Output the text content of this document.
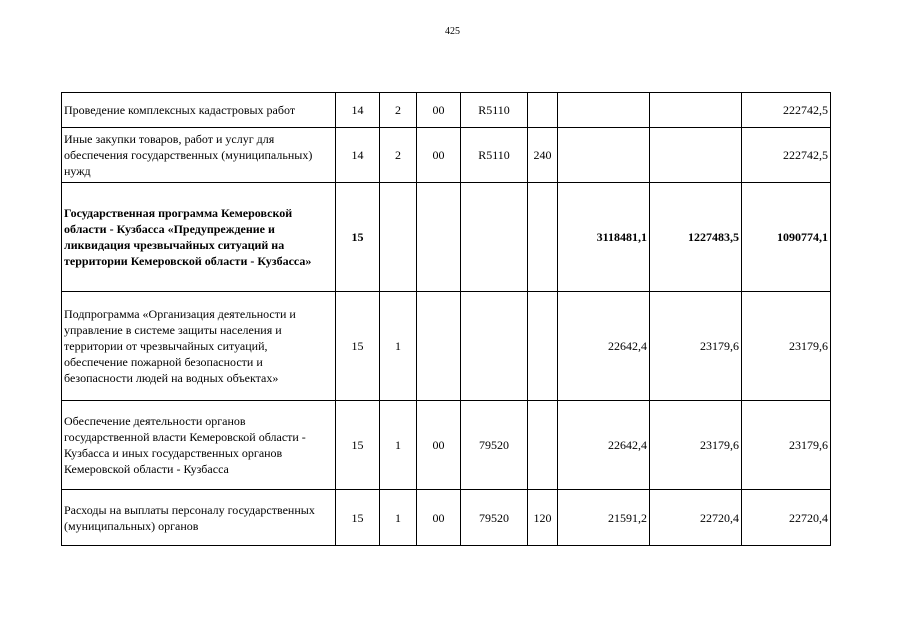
425
Проведение комплексных кадастровых работ	14	2	00	R5110				222742,5
Иные закупки товаров, работ и услуг для обеспечения государственных (муниципальных) нужд	14	2	00	R5110	240			222742,5
Государственная программа Кемеровской области - Кузбасса «Предупреждение и ликвидация чрезвычайных ситуаций на территории Кемеровской области - Кузбасса»	15					3118481,1	1227483,5	1090774,1
Подпрограмма «Организация деятельности и управление в системе защиты населения и территории от чрезвычайных ситуаций, обеспечение пожарной безопасности и безопасности людей на водных объектах»	15	1				22642,4	23179,6	23179,6
Обеспечение деятельности органов государственной власти Кемеровской области - Кузбасса и иных государственных органов Кемеровской области - Кузбасса	15	1	00	79520		22642,4	23179,6	23179,6
Расходы на выплаты персоналу государственных (муниципальных) органов	15	1	00	79520	120	21591,2	22720,4	22720,4
